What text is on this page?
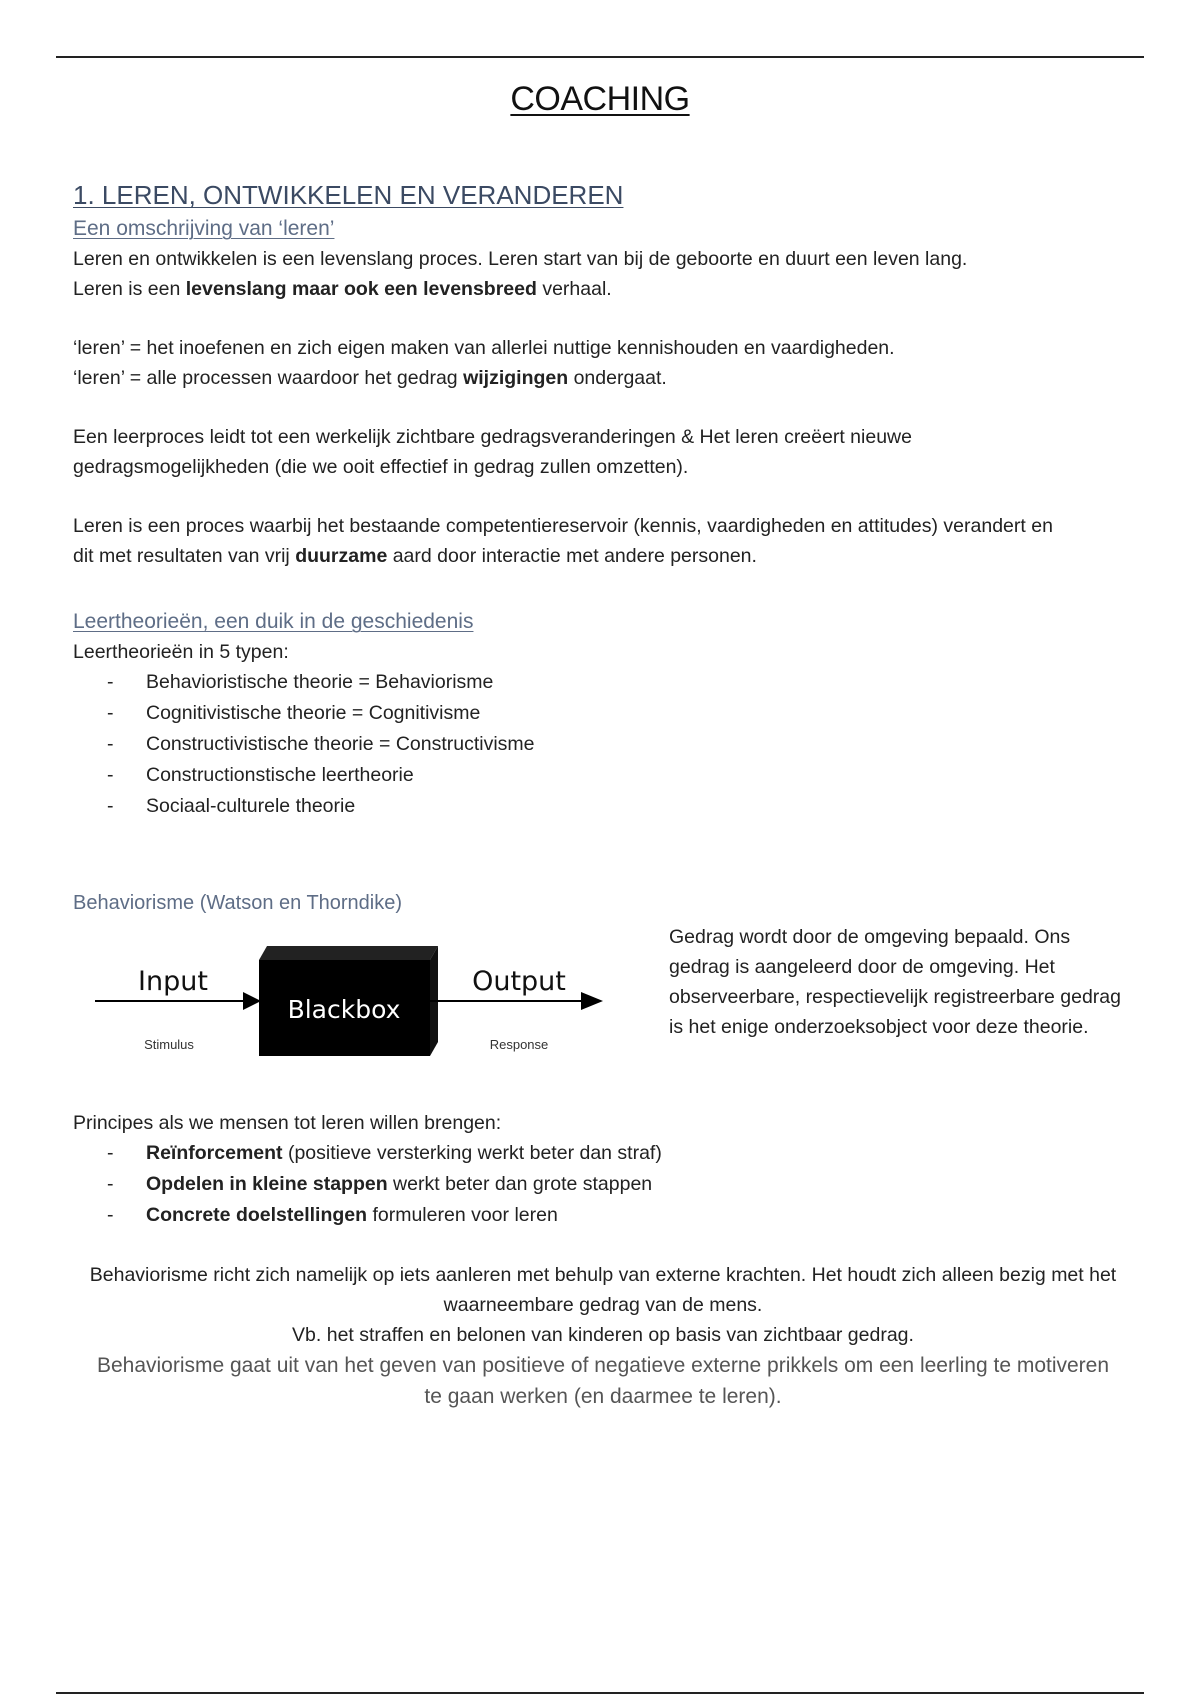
COACHING
1. LEREN, ONTWIKKELEN EN VERANDEREN
Een omschrijving van ‘leren’

Leren en ontwikkelen is een levenslang proces. Leren start van bij de geboorte en duurt een leven lang.
Leren is een levenslang maar ook een levensbreed verhaal.

‘leren’ = het inoefenen en zich eigen maken van allerlei nuttige kennishouden en vaardigheden.
‘leren’ = alle processen waardoor het gedrag wijzigingen ondergaat.

Een leerproces leidt tot een werkelijk zichtbare gedragsveranderingen & Het leren creëert nieuwe gedragsmogelijkheden (die we ooit effectief in gedrag zullen omzetten).

Leren is een proces waarbij het bestaande competentiereservoir (kennis, vaardigheden en attitudes) verandert en dit met resultaten van vrij duurzame aard door interactie met andere personen.

Leertheorieën, een duik in de geschiedenis

Leertheorieën in 5 typen:

- Behavioristische theorie = Behaviorisme
- Cognitivistische theorie = Cognitivisme
- Constructivistische theorie = Constructivisme
- Constructionstische leertheorie
- Sociaal-culturele theorie
Behaviorisme (Watson en Thorndike)
Input
Blackbox
Output
Stimulus	Response

Gedrag wordt door de omgeving bepaald. Ons gedrag is aangeleerd door de omgeving. Het observeerbare, respectievelijk registreerbare gedrag is het enige onderzoeksobject voor deze theorie.

Principes als we mensen tot leren willen brengen:

- Reïnforcement (positieve versterking werkt beter dan straf)
- Opdelen in kleine stappen werkt beter dan grote stappen
- Concrete doelstellingen formuleren voor leren

Behaviorisme richt zich namelijk op iets aanleren met behulp van externe krachten. Het houdt zich alleen bezig met het waarneembare gedrag van de mens.

Vb. het straffen en belonen van kinderen op basis van zichtbaar gedrag.

Behaviorisme gaat uit van het geven van positieve of negatieve externe prikkels om een leerling te motiveren te gaan werken (en daarmee te leren).
